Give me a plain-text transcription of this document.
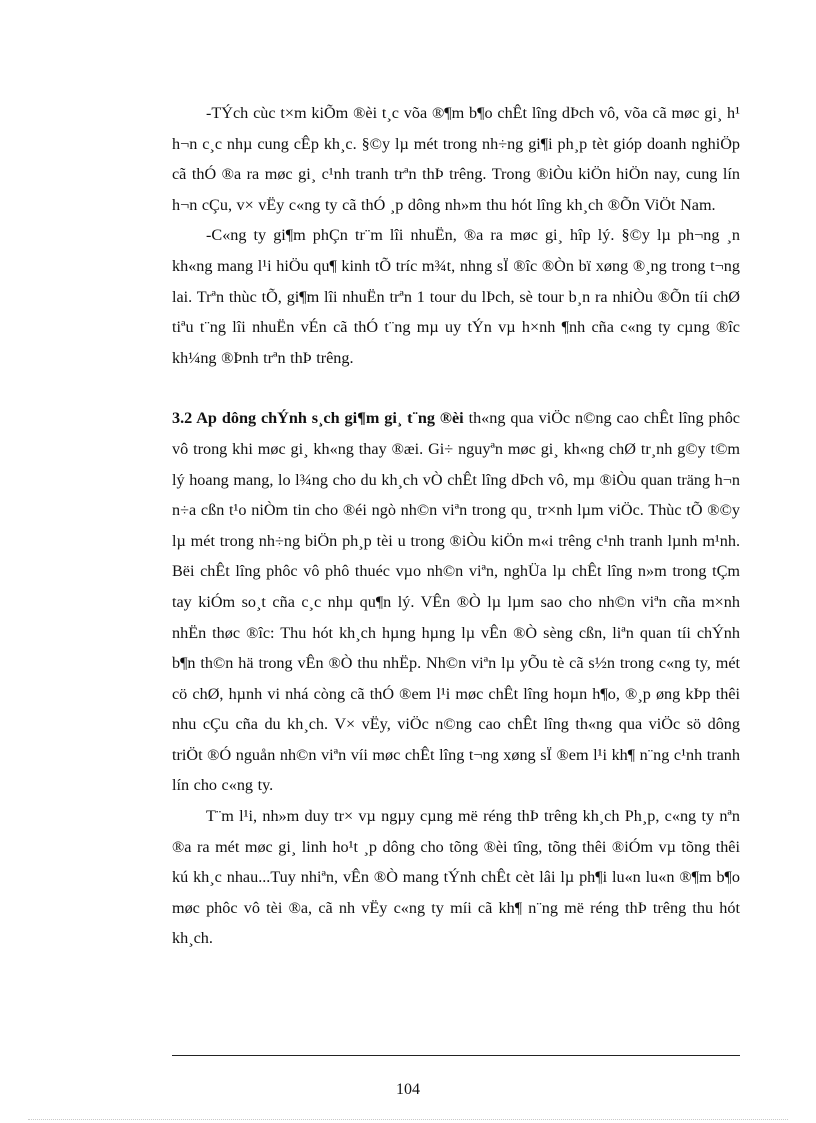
-TÝch cùc t×m kiÕm ®èi t¸c võa ®¶m b¶o chÊt lîng dÞch vô, võa cã møc gi¸ h¹ h¬n c¸c nhµ cung cÊp kh¸c. §©y lµ mét trong nh÷ng gi¶i ph¸p tèt gióp doanh nghiÖp cã thÓ ®a ra møc gi¸ c¹nh tranh trªn thÞ trêng. Trong ®iÒu kiÖn hiÖn nay, cung lín h¬n cÇu, v× vËy c«ng ty cã thÓ ¸p dông nh»m thu hót lîng kh¸ch ®Õn ViÖt Nam.

-C«ng ty gi¶m phÇn tr¨m lîi nhuËn, ®a ra møc gi¸ hîp lý. §©y lµ ph¬ng ¸n kh«ng mang l¹i hiÖu qu¶ kinh tÕ tríc m¾t, nhng sÏ ®îc ®Òn bï xøng ®¸ng trong t¬ng lai. Trªn thùc tÕ, gi¶m lîi nhuËn trªn 1 tour du lÞch, sè tour b¸n ra nhiÒu ®Õn tíi chØ tiªu t¨ng lîi nhuËn vÉn cã thÓ t¨ng mµ uy tÝn vµ h×nh ¶nh cña c«ng ty cµng ®îc kh¼ng ®Þnh trªn thÞ trêng.

3.2 Ap dông chÝnh s¸ch gi¶m gi¸ t¨ng ®èi th«ng qua viÖc n©ng cao chÊt lîng phôc vô trong khi møc gi¸ kh«ng thay ®æi. Gi÷ nguyªn møc gi¸ kh«ng chØ tr¸nh g©y t©m lý hoang mang, lo l¾ng cho du kh¸ch vÒ chÊt lîng dÞch vô, mµ ®iÒu quan träng h¬n n÷a cßn t¹o niÒm tin cho ®éi ngò nh©n viªn trong qu¸ tr×nh lµm viÖc. Thùc tÕ ®©y lµ mét trong nh÷ng biÖn ph¸p tèi u trong ®iÒu kiÖn m«i trêng c¹nh tranh lµnh m¹nh. Bëi chÊt lîng phôc vô phô thuéc vµo nh©n viªn, nghÜa lµ chÊt lîng n»m trong tÇm tay kiÓm so¸t cña c¸c nhµ qu¶n lý. VÊn ®Ò lµ lµm sao cho nh©n viªn cña m×nh nhËn thøc ®îc: Thu hót kh¸ch hµng hµng lµ vÊn ®Ò sèng cßn, liªn quan tíi chÝnh b¶n th©n hä trong vÊn ®Ò thu nhËp. Nh©n viªn lµ yÕu tè cã s½n trong c«ng ty, mét cö chØ, hµnh vi nhá còng cã thÓ ®em l¹i møc chÊt lîng hoµn h¶o, ®¸p øng kÞp thêi nhu cÇu cña du kh¸ch. V× vËy, viÖc n©ng cao chÊt lîng th«ng qua viÖc sö dông triÖt ®Ó nguån nh©n viªn víi møc chÊt lîng t¬ng xøng sÏ ®em l¹i kh¶ n¨ng c¹nh tranh lín cho c«ng ty.

T¨m l¹i, nh»m duy tr× vµ ngµy cµng më réng thÞ trêng kh¸ch Ph¸p, c«ng ty nªn ®a ra mét møc gi¸ linh ho¹t ¸p dông cho tõng ®èi tîng, tõng thêi ®iÓm vµ tõng thêi kú kh¸c nhau...Tuy nhiªn, vÊn ®Ò mang tÝnh chÊt cèt lâi lµ ph¶i lu«n lu«n ®¶m b¶o møc phôc vô tèi ®a, cã nh vËy c«ng ty míi cã kh¶ n¨ng më réng thÞ trêng thu hót kh¸ch.

104
